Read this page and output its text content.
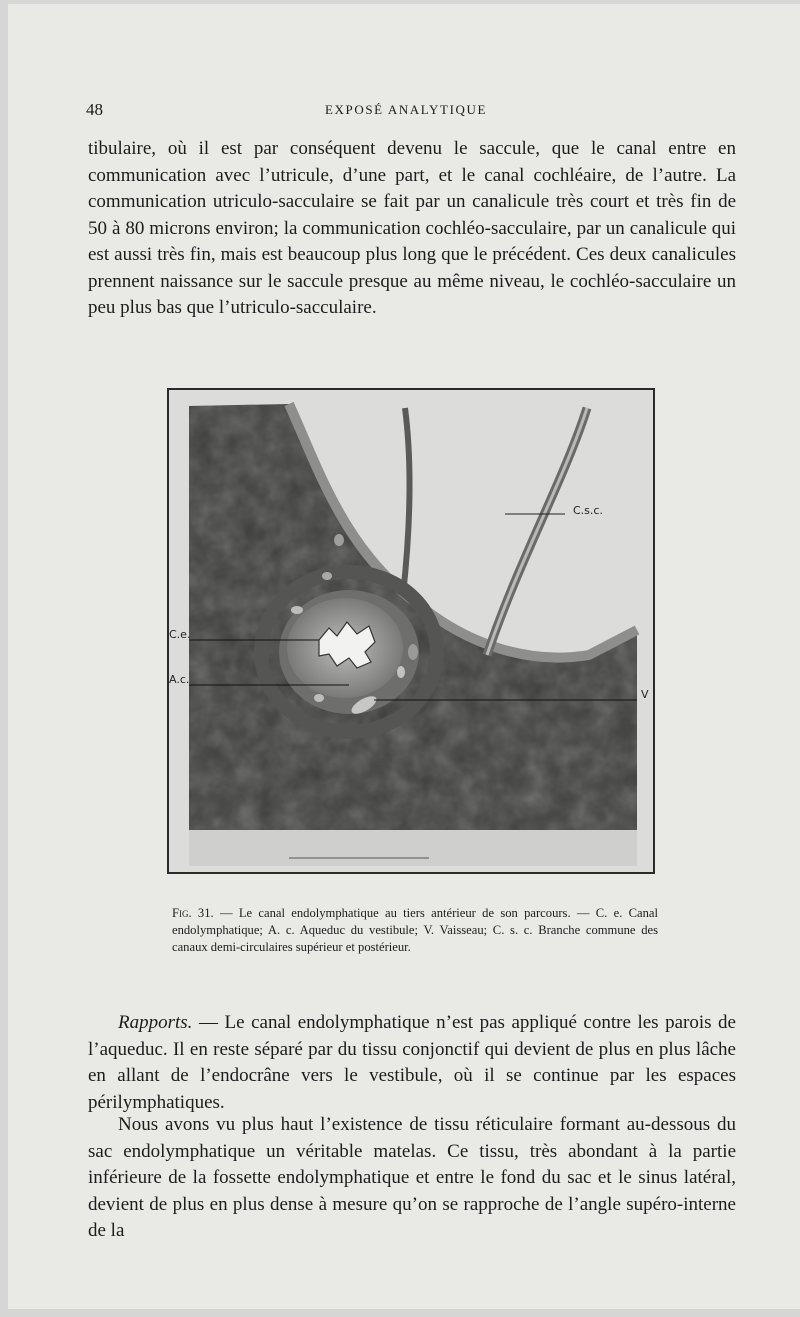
48	EXPOSÉ ANALYTIQUE

tibulaire, où il est par conséquent devenu le saccule, que le canal entre en communication avec l’utricule, d’une part, et le canal cochléaire, de l’autre. La communication utriculo-sacculaire se fait par un canalicule très court et très fin de 50 à 80 microns environ; la communication cochléo-sacculaire, par un canalicule qui est aussi très fin, mais est beaucoup plus long que le précédent. Ces deux canalicules prennent naissance sur le saccule presque au même niveau, le cochléo-sacculaire un peu plus bas que l’utriculo-sacculaire.

C.s.c.
C.e.
A.c.
V

Fig. 31. — Le canal endolymphatique au tiers antérieur de son parcours. — C. e. Canal endolymphatique; A. c. Aqueduc du vestibule; V. Vaisseau; C. s. c. Branche commune des canaux demi-circulaires supérieur et postérieur.

Rapports. — Le canal endolymphatique n’est pas appliqué contre les parois de l’aqueduc. Il en reste séparé par du tissu conjonctif qui devient de plus en plus lâche en allant de l’endocrâne vers le vestibule, où il se continue par les espaces périlymphatiques.

Nous avons vu plus haut l’existence de tissu réticulaire formant au-dessous du sac endolymphatique un véritable matelas. Ce tissu, très abondant à la partie inférieure de la fossette endolymphatique et entre le fond du sac et le sinus latéral, devient de plus en plus dense à mesure qu’on se rapproche de l’angle supéro-interne de la
